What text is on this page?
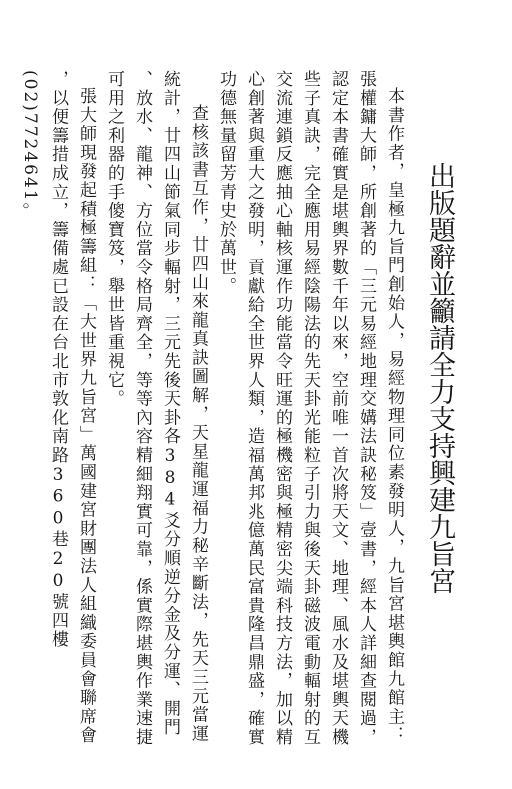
出版題辭並籲請全力支持興建九旨宮

本書作者，皇極九旨門創始人，易經物理同位素發明人，九旨宮堪輿館九館主：張權鏞大師，所創著的「三元易經地理交媾法訣秘笈」壹書，經本人詳細查閱過，認定本書確實是堪輿界數千年以來，空前唯一首次將天文、地理、風水及堪輿天機些子真訣，完全應用易經陰陽法的先天卦光能粒子引力與後天卦磁波電動輻射的互交流連鎖反應抽心軸核運作功能當令旺運的極機密與極精密尖端科技方法，加以精心創著與重大之發明，貢獻給全世界人類，造福萬邦兆億萬民富貴隆昌鼎盛，確實功德無量留芳青史於萬世。

查核該書互作，廿四山來龍真訣圖解，天星龍運福力秘辛斷法，先天三元當運統計，廿四山節氣同步輻射，三元先後天卦各384爻分順逆分金及分運、開門、放水、龍神、方位當令格局齊全，等等內容精細翔實可靠，係實際堪輿作業速捷可用之利器的手傻寶笈，舉世皆重視它。

張大師現發起積極籌組：「大世界九旨宮」萬國建宮財團法人組織委員會聯席會，以便籌措成立，籌備處已設在台北市敦化南路360巷20號四樓

(02)7724641。
